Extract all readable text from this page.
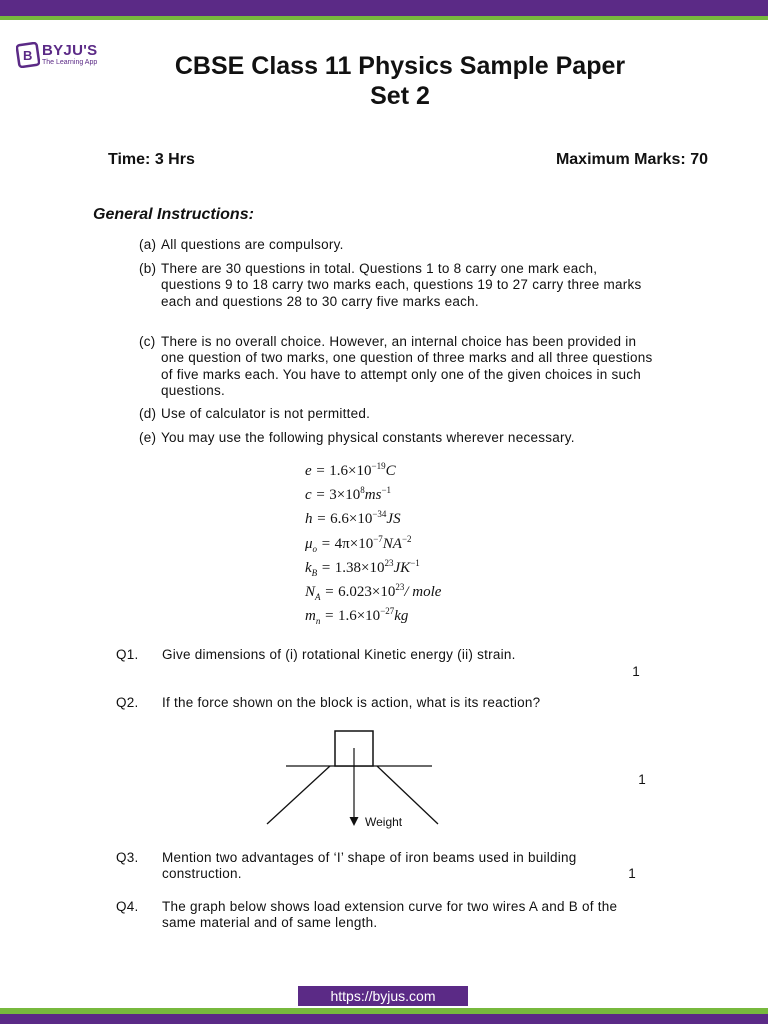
B BYJU'S
The Learning App	CBSE Class 11 Physics Sample Paper
Set 2
Time: 3 Hrs	Maximum Marks: 70
General Instructions:
(a) All questions are compulsory.
(b) There are 30 questions in total. Questions 1 to 8 carry one mark each, questions 9 to 18 carry two marks each, questions 19 to 27 carry three marks each and questions 28 to 30 carry five marks each.
(c) There is no overall choice. However, an internal choice has been provided in one question of two marks, one question of three marks and all three questions of five marks each. You have to attempt only one of the given choices in such questions.
(d) Use of calculator is not permitted.
(e) You may use the following physical constants wherever necessary.
$e = 1.6\times 10^{-19}C$
$c = 3\times 10^8ms^{-1}$
$h = 6.6\times 10^{-34}JS$
$\mu_o = 4\pi\times 10^{-7}NA^{-2}$
$k_B = 1.38\times 10^{23}JK^{-1}$
$N_A = 6.023\times 10^{23}/$ mole
$m_n = 1.6\times 10^{-27}kg$
Q1. Give dimensions of (i) rotational Kinetic energy (ii) strain.
1
Q2. If the force shown on the block is action, what is its reaction?
1
Weight
Q3. Mention two advantages of ‘I’ shape of iron beams used in building construction.	1
Q4. The graph below shows load extension curve for two wires A and B of the same material and of same length.
https://byjus.com
